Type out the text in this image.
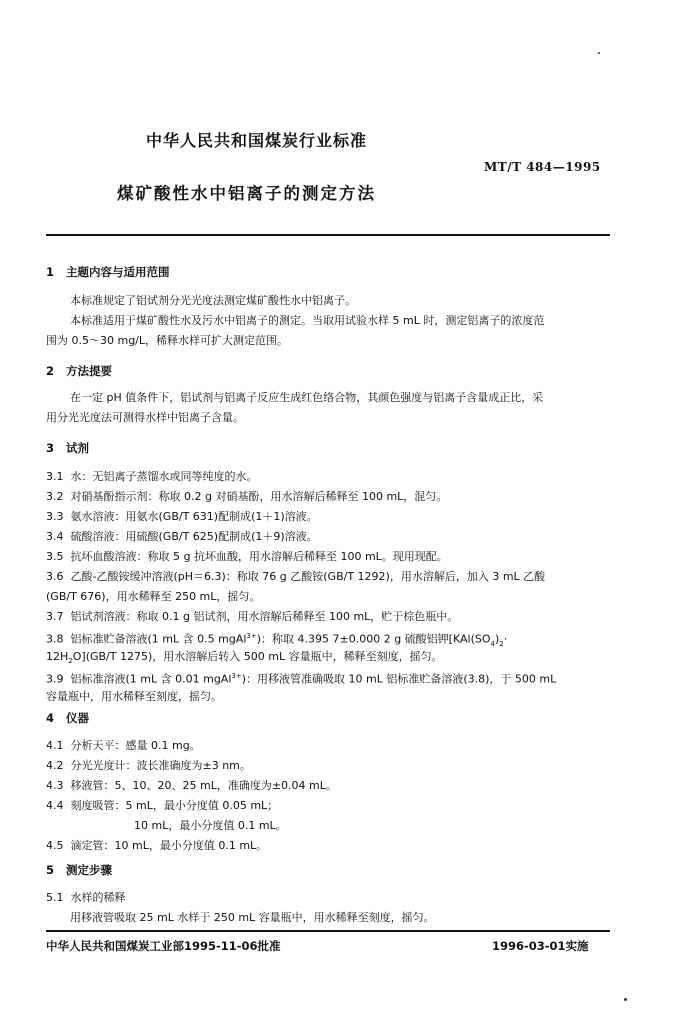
中华人民共和国煤炭行业标准
MT/T 484—1995
煤矿酸性水中铝离子的测定方法
1 主题内容与适用范围
本标准规定了铝试剂分光光度法测定煤矿酸性水中铝离子。
本标准适用于煤矿酸性水及污水中铝离子的测定。当取用试验水样 5 mL 时，测定铝离子的浓度范
围为 0.5～30 mg/L，稀释水样可扩大测定范围。
2 方法提要
在一定 pH 值条件下，铝试剂与铝离子反应生成红色络合物，其颜色强度与铝离子含量成正比，采
用分光光度法可测得水样中铝离子含量。
3 试剂
3.1 水：无铝离子蒸馏水或同等纯度的水。
3.2 对硝基酚指示剂：称取 0.2 g 对硝基酚，用水溶解后稀释至 100 mL，混匀。
3.3 氨水溶液：用氨水(GB/T 631)配制成(1＋1)溶液。
3.4 硫酸溶液：用硫酸(GB/T 625)配制成(1＋9)溶液。
3.5 抗坏血酸溶液：称取 5 g 抗坏血酸，用水溶解后稀释至 100 mL。现用现配。
3.6 乙酸-乙酸铵缓冲溶液(pH＝6.3)：称取 76 g 乙酸铵(GB/T 1292)，用水溶解后，加入 3 mL 乙酸
(GB/T 676)，用水稀释至 250 mL，摇匀。
3.7 铝试剂溶液：称取 0.1 g 铝试剂，用水溶解后稀释至 100 mL，贮于棕色瓶中。
3.8 铝标准贮备溶液(1 mL 含 0.5 mgAl$^{3+}$)：称取 4.395 7±0.000 2 g 硫酸铝钾[$KAl(SO_4)_2\cdot$
$12H_2O](GB/T$ 1275)，用水溶解后转入 500 mL 容量瓶中，稀释至刻度，摇匀。
3.9 铝标准溶液(1 mL 含 0.01 mgAl$^{3+}$)：用移液管准确吸取 10 mL 铝标准贮备溶液(3.8)，于 500 mL
容量瓶中，用水稀释至刻度，摇匀。
4 仪器
4.1 分析天平：感量 0.1 mg。
4.2 分光光度计：波长准确度为±3 nm。
4.3 移液管：5、10、20、25 mL，准确度为±0.04 mL。
4.4 刻度吸管：5 mL，最小分度值 0.05 mL；
10 mL，最小分度值 0.1 mL。
4.5 滴定管：10 mL，最小分度值 0.1 mL。
5 测定步骤
5.1 水样的稀释
用移液管吸取 25 mL 水样于 250 mL 容量瓶中，用水稀释至刻度，摇匀。
中华人民共和国煤炭工业部1995-11-06批准	1996-03-01实施
